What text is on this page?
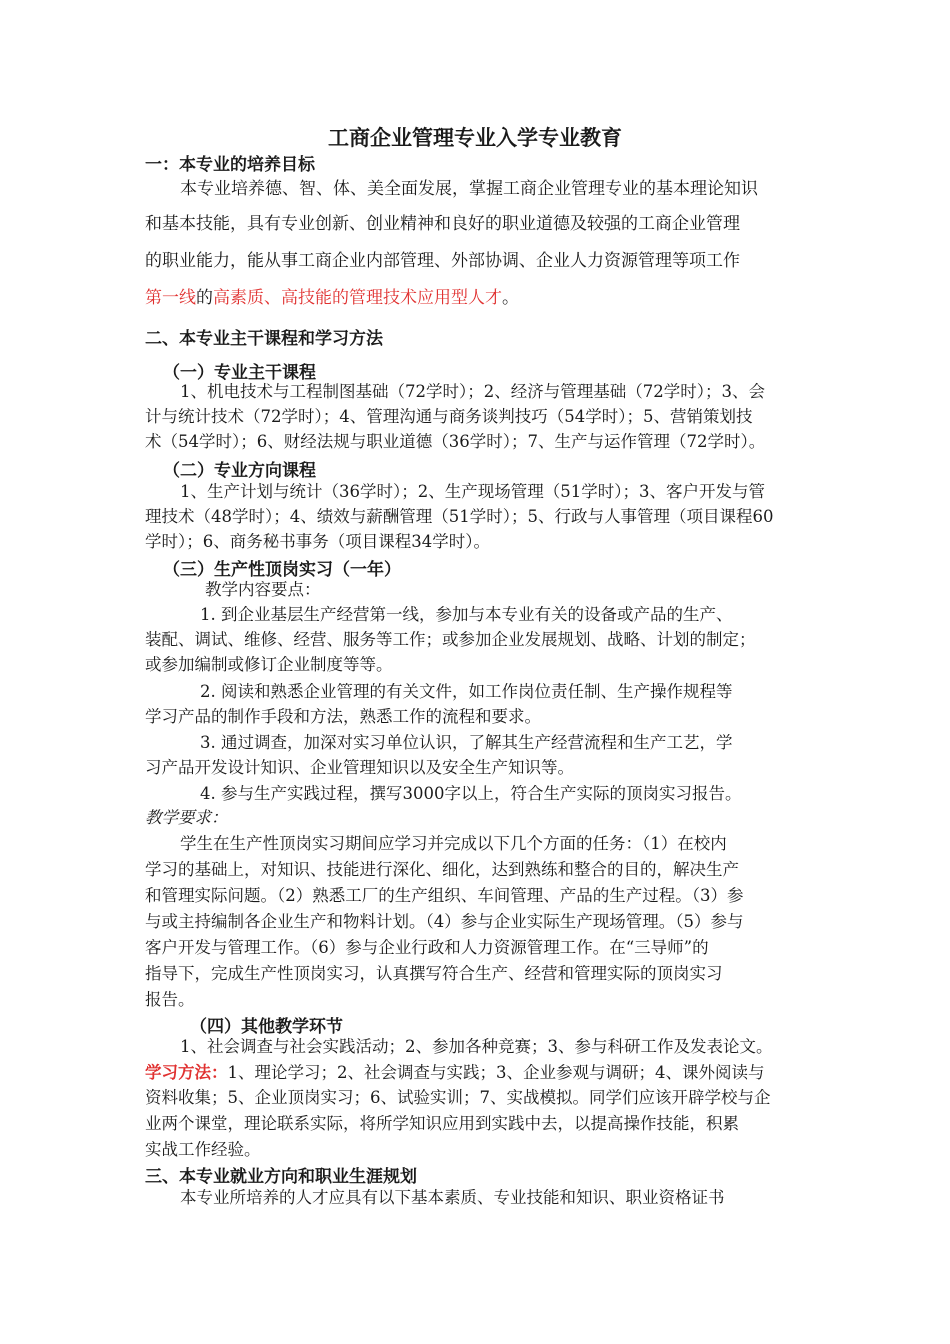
工商企业管理专业入学专业教育
一：本专业的培养目标
本专业培养德、智、体、美全面发展，掌握工商企业管理专业的基本理论知识
和基本技能，具有专业创新、创业精神和良好的职业道德及较强的工商企业管理
的职业能力，能从事工商企业内部管理、外部协调、企业人力资源管理等项工作
第一线的高素质、高技能的管理技术应用型人才。
二、本专业主干课程和学习方法
（一）专业主干课程
1、机电技术与工程制图基础（72学时）；2、经济与管理基础（72学时）；3、会
计与统计技术（72学时）；4、管理沟通与商务谈判技巧（54学时）；5、营销策划技
术（54学时）；6、财经法规与职业道德（36学时）；7、生产与运作管理（72学时）。
（二）专业方向课程
1、生产计划与统计（36学时）；2、生产现场管理（51学时）；3、客户开发与管
理技术（48学时）；4、绩效与薪酬管理（51学时）；5、行政与人事管理（项目课程60
学时）；6、商务秘书事务（项目课程34学时）。
（三）生产性顶岗实习（一年）
教学内容要点：
1. 到企业基层生产经营第一线，参加与本专业有关的设备或产品的生产、
装配、调试、维修、经营、服务等工作；或参加企业发展规划、战略、计划的制定；
或参加编制或修订企业制度等等。
2. 阅读和熟悉企业管理的有关文件，如工作岗位责任制、生产操作规程等
学习产品的制作手段和方法，熟悉工作的流程和要求。
3. 通过调查，加深对实习单位认识，了解其生产经营流程和生产工艺，学
习产品开发设计知识、企业管理知识以及安全生产知识等。
4. 参与生产实践过程，撰写3000字以上，符合生产实际的顶岗实习报告。
教学要求：
学生在生产性顶岗实习期间应学习并完成以下几个方面的任务：（1）在校内
学习的基础上，对知识、技能进行深化、细化，达到熟练和整合的目的，解决生产
和管理实际问题。（2）熟悉工厂的生产组织、车间管理、产品的生产过程。（3）参
与或主持编制各企业生产和物料计划。（4）参与企业实际生产现场管理。（5）参与
客户开发与管理工作。（6）参与企业行政和人力资源管理工作。在“三导师”的
指导下，完成生产性顶岗实习，认真撰写符合生产、经营和管理实际的顶岗实习
报告。
（四）其他教学环节
1、社会调查与社会实践活动；2、参加各种竞赛；3、参与科研工作及发表论文。
学习方法：1、理论学习；2、社会调查与实践；3、企业参观与调研；4、课外阅读与
资料收集；5、企业顶岗实习；6、试验实训；7、实战模拟。同学们应该开辟学校与企
业两个课堂，理论联系实际，将所学知识应用到实践中去，以提高操作技能，积累
实战工作经验。
三、本专业就业方向和职业生涯规划
本专业所培养的人才应具有以下基本素质、专业技能和知识、职业资格证书
